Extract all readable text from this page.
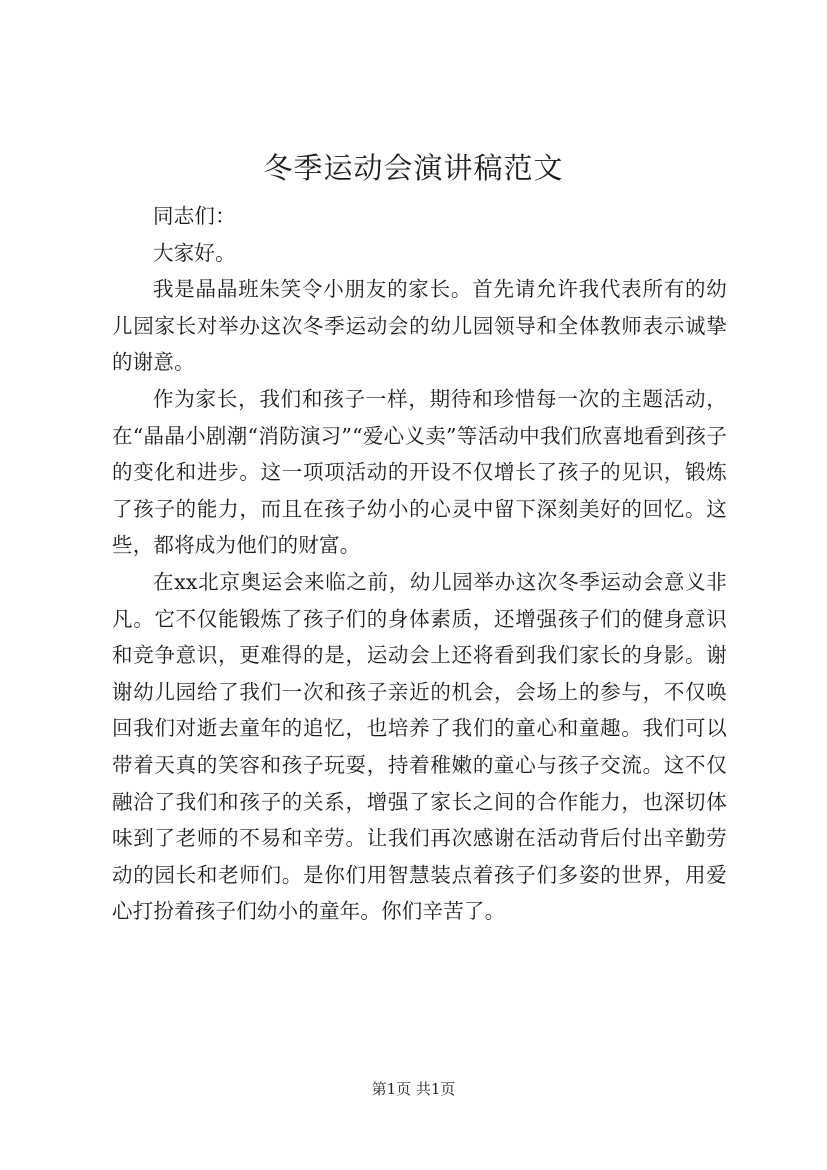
冬季运动会演讲稿范文

同志们：

大家好。

我是晶晶班朱笑令小朋友的家长。首先请允许我代表所有的幼儿园家长对举办这次冬季运动会的幼儿园领导和全体教师表示诚挚的谢意。

作为家长，我们和孩子一样，期待和珍惜每一次的主题活动，在“晶晶小剧潮“消防演习”“爱心义卖”等活动中我们欣喜地看到孩子的变化和进步。这一项项活动的开设不仅增长了孩子的见识，锻炼了孩子的能力，而且在孩子幼小的心灵中留下深刻美好的回忆。这些，都将成为他们的财富。

在xx北京奥运会来临之前，幼儿园举办这次冬季运动会意义非凡。它不仅能锻炼了孩子们的身体素质，还增强孩子们的健身意识和竞争意识，更难得的是，运动会上还将看到我们家长的身影。谢谢幼儿园给了我们一次和孩子亲近的机会，会场上的参与，不仅唤回我们对逝去童年的追忆，也培养了我们的童心和童趣。我们可以带着天真的笑容和孩子玩耍，持着稚嫩的童心与孩子交流。这不仅融洽了我们和孩子的关系，增强了家长之间的合作能力，也深切体味到了老师的不易和辛劳。让我们再次感谢在活动背后付出辛勤劳动的园长和老师们。是你们用智慧装点着孩子们多姿的世界，用爱心打扮着孩子们幼小的童年。你们辛苦了。

第1页 共1页
